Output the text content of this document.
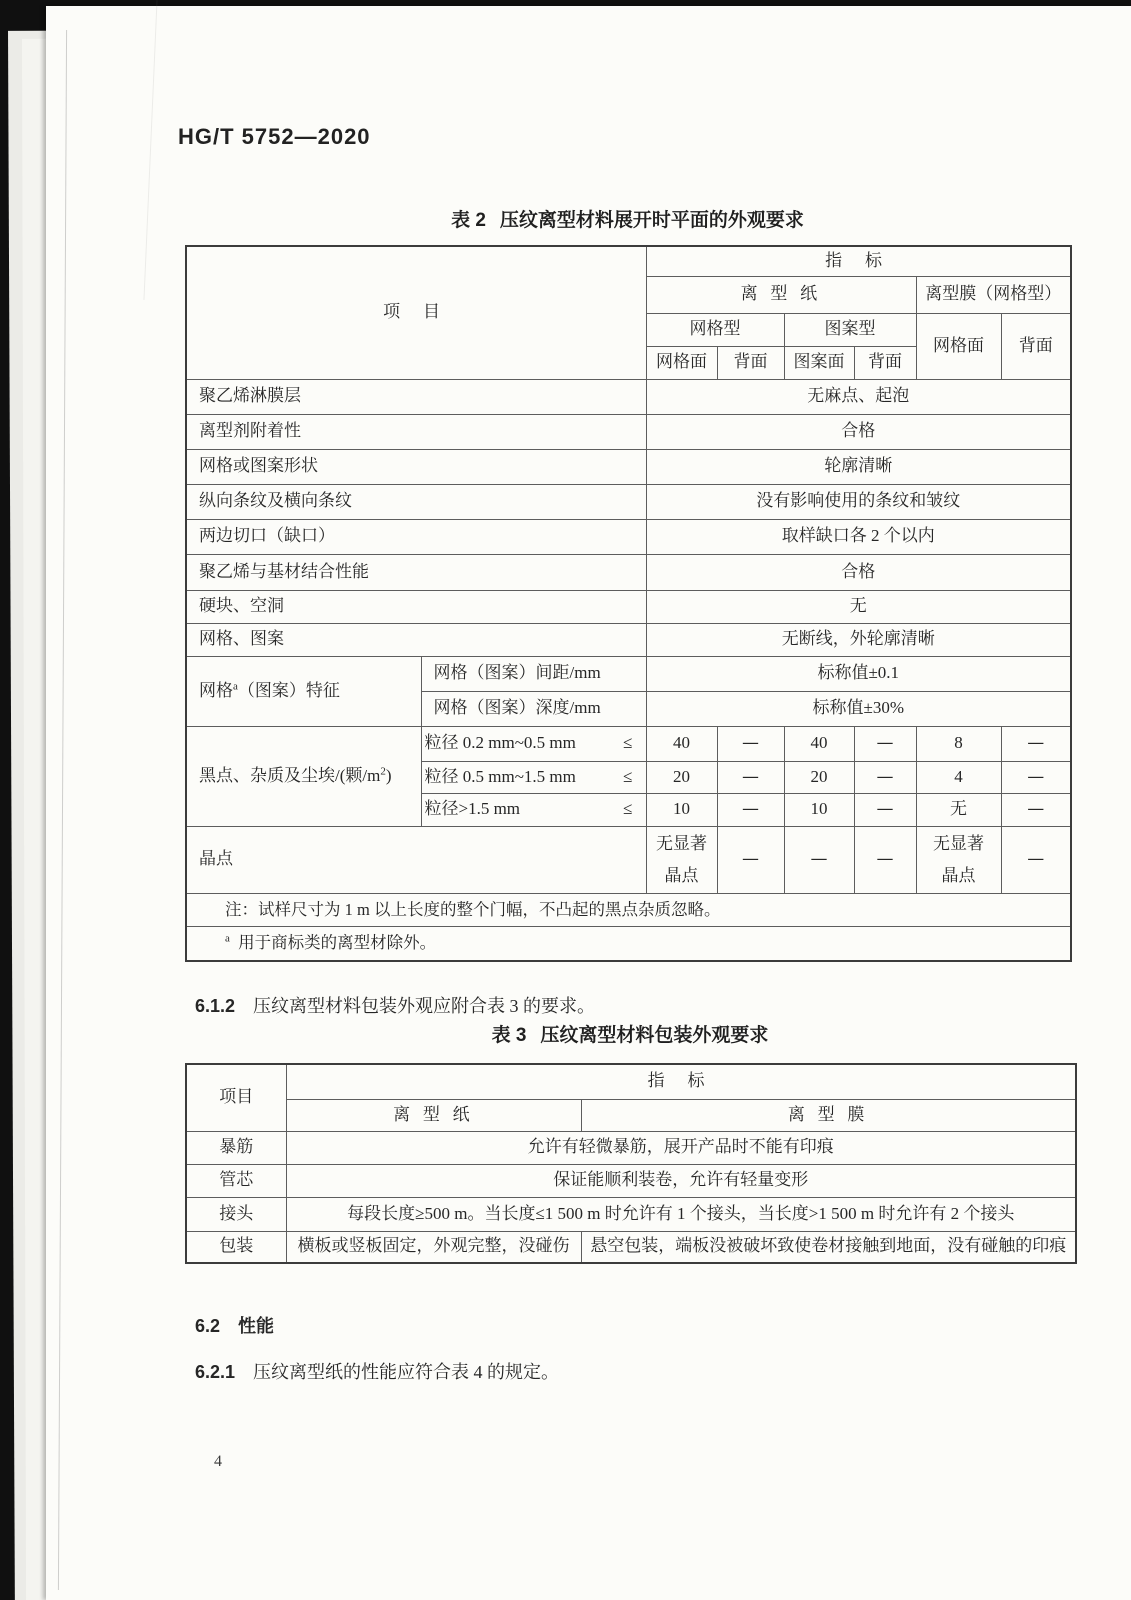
HG/T 5752—2020
表 2 压纹离型材料展开时平面的外观要求
项 目		指 标					
		离 型 纸				离型膜（网格型）	
		网格型		图案型		网格面	背面
		网格面	背面	图案面	背面		
聚乙烯淋膜层		无麻点、起泡					
离型剂附着性		合格					
网格或图案形状		轮廓清晰					
纵向条纹及横向条纹		没有影响使用的条纹和皱纹					
两边切口（缺口）		取样缺口各 2 个以内					
聚乙烯与基材结合性能		合格					
硬块、空洞		无					
网格、图案		无断线，外轮廓清晰					
网格$^a$（图案）特征	网格（图案）间距/mm	标称值±0.1					
	网格（图案）深度/mm	标称值±30%					
黑点、杂质及尘埃/(颗$/m^2$)	粒径 0.2 mm~0.5 mm ≤	40	—	40	—	8	—

	粒径 0.5 mm~1.5 mm ≤	20	—	20	—	4	—

	粒径>1.5 mm ≤	10	—	10	—	无	—
晶点		无显著晶点	—	—	—	无显著晶点	—
注：试样尺寸为 1 m 以上长度的整个门幅，不凸起的黑点杂质忽略。							
$^a$ 用于商标类的离型材除外。							
6.1.2 压纹离型材料包装外观应附合表 3 的要求。
表 3 压纹离型材料包装外观要求
项目	指 标	
	离 型 纸	离 型 膜
暴筋	允许有轻微暴筋，展开产品时不能有印痕	
管芯	保证能顺利装卷，允许有轻量变形	
接头	每段长度≥500 m。当长度≤1 500 m 时允许有 1 个接头，当长度>1 500 m 时允许有 2 个接头	
包装	横板或竖板固定，外观完整，没碰伤	悬空包装，端板没被破坏致使卷材接触到地面，没有碰触的印痕
6.2 性能
6.2.1 压纹离型纸的性能应符合表 4 的规定。
4
